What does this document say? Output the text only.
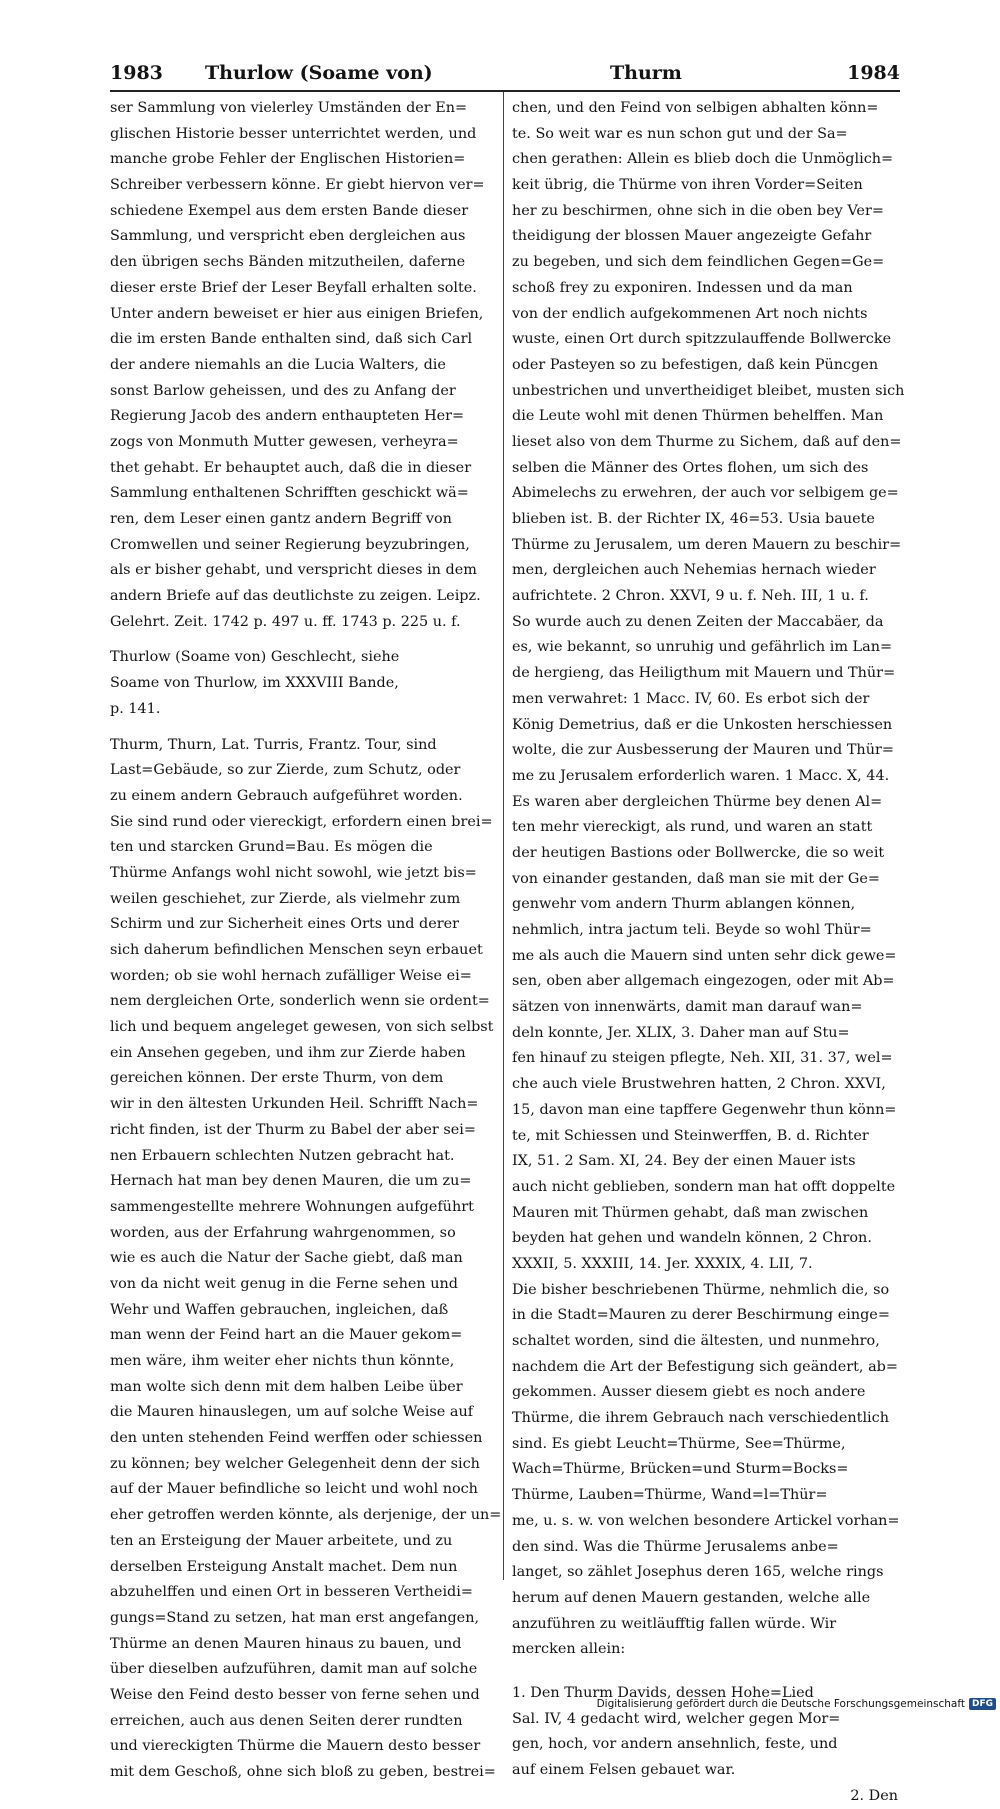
1983 Thurlow (Soame von)	Thurm	1984
ser Sammlung von vielerley Umständen der En=
glischen Historie besser unterrichtet werden, und
manche grobe Fehler der Englischen Historien=
Schreiber verbessern könne. Er giebt hiervon ver=
schiedene Exempel aus dem ersten Bande dieser
Sammlung, und verspricht eben dergleichen aus
den übrigen sechs Bänden mitzutheilen, daferne
dieser erste Brief der Leser Beyfall erhalten solte.
Unter andern beweiset er hier aus einigen Briefen,
die im ersten Bande enthalten sind, daß sich Carl
der andere niemahls an die Lucia Walters, die
sonst Barlow geheissen, und des zu Anfang der
Regierung Jacob des andern enthaupteten Her=
zogs von Monmuth Mutter gewesen, verheyra=
thet gehabt. Er behauptet auch, daß die in dieser
Sammlung enthaltenen Schrifften geschickt wä=
ren, dem Leser einen gantz andern Begriff von
Cromwellen und seiner Regierung beyzubringen,
als er bisher gehabt, und verspricht dieses in dem
andern Briefe auf das deutlichste zu zeigen. Leipz.
Gelehrt. Zeit. 1742 p. 497 u. ff. 1743 p. 225 u. f.
Thurlow (Soame von) Geschlecht, siehe
Soame von Thurlow, im XXXVIII Bande,
p. 141.
Thurm, Thurn, Lat. Turris, Frantz. Tour, sind
Last=Gebäude, so zur Zierde, zum Schutz, oder
zu einem andern Gebrauch aufgeführet worden.
Sie sind rund oder viereckigt, erfordern einen brei=
ten und starcken Grund=Bau. Es mögen die
Thürme Anfangs wohl nicht sowohl, wie jetzt bis=
weilen geschiehet, zur Zierde, als vielmehr zum
Schirm und zur Sicherheit eines Orts und derer
sich daherum befindlichen Menschen seyn erbauet
worden; ob sie wohl hernach zufälliger Weise ei=
nem dergleichen Orte, sonderlich wenn sie ordent=
lich und bequem angeleget gewesen, von sich selbst
ein Ansehen gegeben, und ihm zur Zierde haben
gereichen können. Der erste Thurm, von dem
wir in den ältesten Urkunden Heil. Schrifft Nach=
richt finden, ist der Thurm zu Babel der aber sei=
nen Erbauern schlechten Nutzen gebracht hat.
Hernach hat man bey denen Mauren, die um zu=
sammengestellte mehrere Wohnungen aufgeführt
worden, aus der Erfahrung wahrgenommen, so
wie es auch die Natur der Sache giebt, daß man
von da nicht weit genug in die Ferne sehen und
Wehr und Waffen gebrauchen, ingleichen, daß
man wenn der Feind hart an die Mauer gekom=
men wäre, ihm weiter eher nichts thun könnte,
man wolte sich denn mit dem halben Leibe über
die Mauren hinauslegen, um auf solche Weise auf
den unten stehenden Feind werffen oder schiessen
zu können; bey welcher Gelegenheit denn der sich
auf der Mauer befindliche so leicht und wohl noch
eher getroffen werden könnte, als derjenige, der un=
ten an Ersteigung der Mauer arbeitete, und zu
derselben Ersteigung Anstalt machet. Dem nun
abzuhelffen und einen Ort in besseren Vertheidi=
gungs=Stand zu setzen, hat man erst angefangen,
Thürme an denen Mauren hinaus zu bauen, und
über dieselben aufzuführen, damit man auf solche
Weise den Feind desto besser von ferne sehen und
erreichen, auch aus denen Seiten derer rundten
und viereckigten Thürme die Mauern desto besser
mit dem Geschoß, ohne sich bloß zu geben, bestrei=
chen, und den Feind von selbigen abhalten könn=
te. So weit war es nun schon gut und der Sa=
chen gerathen: Allein es blieb doch die Unmöglich=
keit übrig, die Thürme von ihren Vorder=Seiten
her zu beschirmen, ohne sich in die oben bey Ver=
theidigung der blossen Mauer angezeigte Gefahr
zu begeben, und sich dem feindlichen Gegen=Ge=
schoß frey zu exponiren. Indessen und da man
von der endlich aufgekommenen Art noch nichts
wuste, einen Ort durch spitzzulauffende Bollwercke
oder Pasteyen so zu befestigen, daß kein Püncgen
unbestrichen und unvertheidiget bleibet, musten sich
die Leute wohl mit denen Thürmen behelffen. Man
lieset also von dem Thurme zu Sichem, daß auf den=
selben die Männer des Ortes flohen, um sich des
Abimelechs zu erwehren, der auch vor selbigem ge=
blieben ist. B. der Richter IX, 46=53. Usia bauete
Thürme zu Jerusalem, um deren Mauern zu beschir=
men, dergleichen auch Nehemias hernach wieder
aufrichtete. 2 Chron. XXVI, 9 u. f. Neh. III, 1 u. f.
So wurde auch zu denen Zeiten der Maccabäer, da
es, wie bekannt, so unruhig und gefährlich im Lan=
de hergieng, das Heiligthum mit Mauern und Thür=
men verwahret: 1 Macc. IV, 60. Es erbot sich der
König Demetrius, daß er die Unkosten herschiessen
wolte, die zur Ausbesserung der Mauren und Thür=
me zu Jerusalem erforderlich waren. 1 Macc. X, 44.
Es waren aber dergleichen Thürme bey denen Al=
ten mehr viereckigt, als rund, und waren an statt
der heutigen Bastions oder Bollwercke, die so weit
von einander gestanden, daß man sie mit der Ge=
genwehr vom andern Thurm ablangen können,
nehmlich, intra jactum teli. Beyde so wohl Thür=
me als auch die Mauern sind unten sehr dick gewe=
sen, oben aber allgemach eingezogen, oder mit Ab=
sätzen von innenwärts, damit man darauf wan=
deln konnte, Jer. XLIX, 3. Daher man auf Stu=
fen hinauf zu steigen pflegte, Neh. XII, 31. 37, wel=
che auch viele Brustwehren hatten, 2 Chron. XXVI,
15, davon man eine tapffere Gegenwehr thun könn=
te, mit Schiessen und Steinwerffen, B. d. Richter
IX, 51. 2 Sam. XI, 24. Bey der einen Mauer ists
auch nicht geblieben, sondern man hat offt doppelte
Mauren mit Thürmen gehabt, daß man zwischen
beyden hat gehen und wandeln können, 2 Chron.
XXXII, 5. XXXIII, 14. Jer. XXXIX, 4. LII, 7.
Die bisher beschriebenen Thürme, nehmlich die, so
in die Stadt=Mauren zu derer Beschirmung einge=
schaltet worden, sind die ältesten, und nunmehro,
nachdem die Art der Befestigung sich geändert, ab=
gekommen. Ausser diesem giebt es noch andere
Thürme, die ihrem Gebrauch nach verschiedentlich
sind. Es giebt Leucht=Thürme, See=Thürme,
Wach=Thürme, Brücken=und Sturm=Bocks=
Thürme, Lauben=Thürme, Wand=l=Thür=
me, u. s. w. von welchen besondere Artickel vorhan=
den sind. Was die Thürme Jerusalems anbe=
langet, so zählet Josephus deren 165, welche rings
herum auf denen Mauern gestanden, welche alle
anzuführen zu weitläufftig fallen würde. Wir
mercken allein:
1. Den Thurm Davids, dessen Hohe=Lied
Sal. IV, 4 gedacht wird, welcher gegen Mor=
gen, hoch, vor andern ansehnlich, feste, und
auf einem Felsen gebauet war.
2. Den
Digitalisierung gefördert durch die Deutsche Forschungsgemeinschaft DFG
